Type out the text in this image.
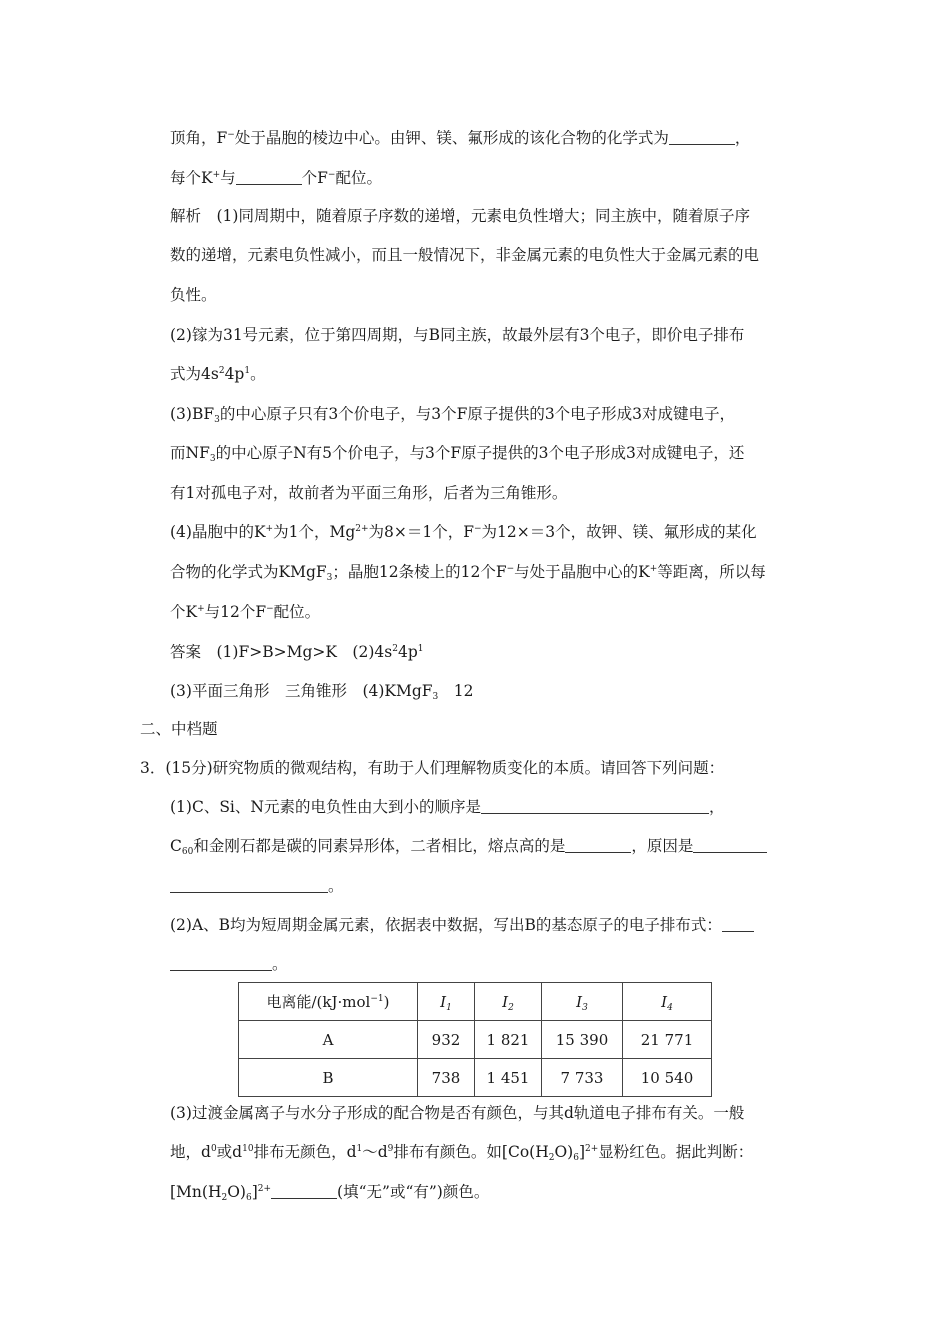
顶角，F−处于晶胞的棱边中心。由钾、镁、氟形成的该化合物的化学式为	，
每个K+与	个F−配位。
解析　(1)同周期中，随着原子序数的递增，元素电负性增大；同主族中，随着原子序
数的递增，元素电负性减小，而且一般情况下，非金属元素的电负性大于金属元素的电
负性。
(2)镓为31号元素，位于第四周期，与B同主族，故最外层有3个电子，即价电子排布
式为$4s^24p^1$。
$(3)BF_3$的中心原子只有3个价电子，与3个F原子提供的3个电子形成3对成键电子，
而$NF_3$的中心原子N有5个价电子，与3个F原子提供的3个电子形成3对成键电子，还
有1对孤电子对，故前者为平面三角形，后者为三角锥形。
(4)晶胞中的K+为1个，$Mg^{2+}$为8×＝1个，F−为12×＝3个，故钾、镁、氟形成的某化
合物的化学式为KMgF$_3$；晶胞12条棱上的12个F−与处于晶胞中心的K+等距离，所以每
个K+与12个F−配位。
答案　(1)F>B>Mg>K　$(2)4s^24p^1$
(3)平面三角形　三角锥形　(4)KMgF$_3$　12
二、中档题
3．(15分)研究物质的微观结构，有助于人们理解物质变化的本质。请回答下列问题：
(1)C、Si、N元素的电负性由大到小的顺序是	，
$C_{60}$和金刚石都是碳的同素异形体，二者相比，熔点高的是	，原因是
。
(2)A、B均为短周期金属元素，依据表中数据，写出B的基态原子的电子排布式：
。
电离能/(kJ·mol$^{-1}$)	$I_1$	$I_2$	$I_3$	$I_4$
A	932	1 821	15 390	21 771
B	738	1 451	7 733	10 540
(3)过渡金属离子与水分子形成的配合物是否有颜色，与其d轨道电子排布有关。一般
地，$d^0$或$d^{10}$排布无颜色，$d^1\sim d^9$排布有颜色。如$[Co(H_2O)_6]^{2+}$显粉红色。据此判断：
$[Mn(H_2O)_6]^{2+}$	(填“无”或“有”)颜色。
